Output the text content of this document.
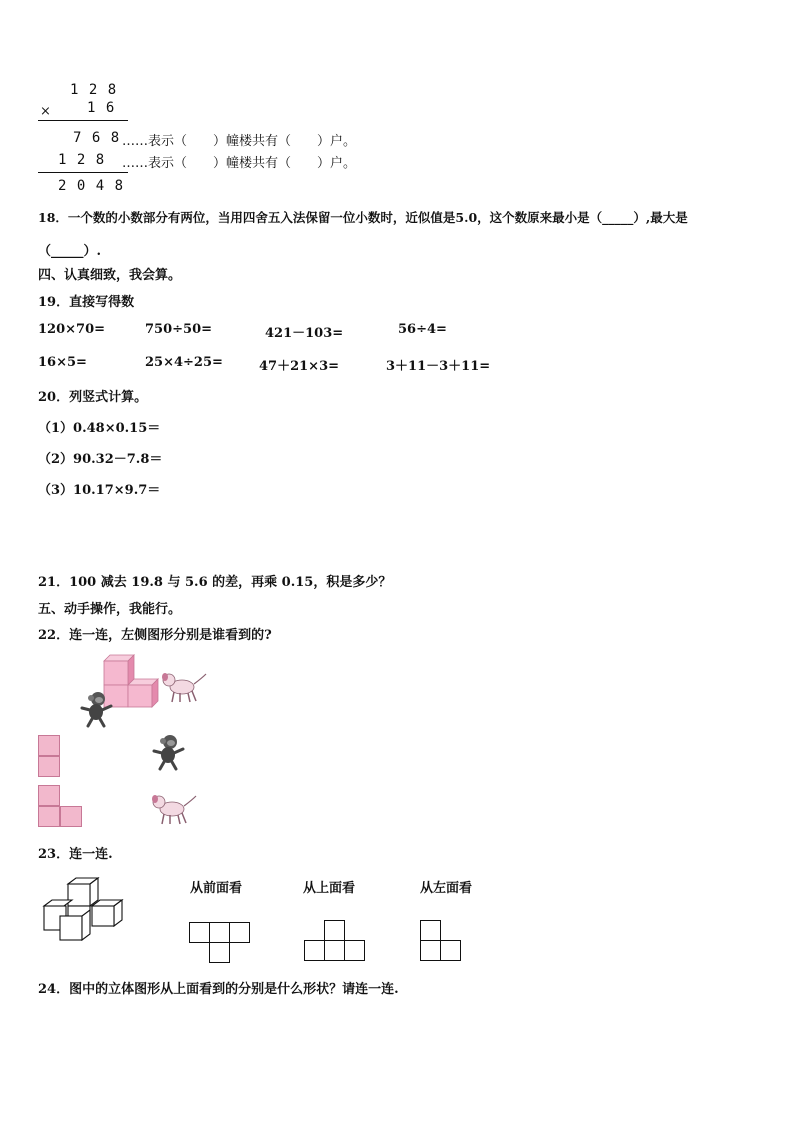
1 2 8
×	1 6
7 6 8 ……表示（　　）幢楼共有（　　）户。
1 2 8 ……表示（　　）幢楼共有（　　）户。
2 0 4 8
18．一个数的小数部分有两位，当用四舍五入法保留一位小数时，近似值是5.0，这个数原来最小是（_____）,最大是
（_____）.
四、认真细致，我会算。
19．直接写得数
120×70=	750÷50=	421－103=	56÷4=
16×5=	25×4÷25=	47＋21×3=	3＋11－3＋11=
20．列竖式计算。
（1）0.48×0.15＝
（2）90.32－7.8＝
（3）10.17×9.7＝
21．100 减去 19.8 与 5.6 的差，再乘 0.15，积是多少？
五、动手操作，我能行。
22．连一连，左侧图形分别是谁看到的?
23．连一连.
从前面看	从上面看	从左面看
24．图中的立体图形从上面看到的分别是什么形状？请连一连.
